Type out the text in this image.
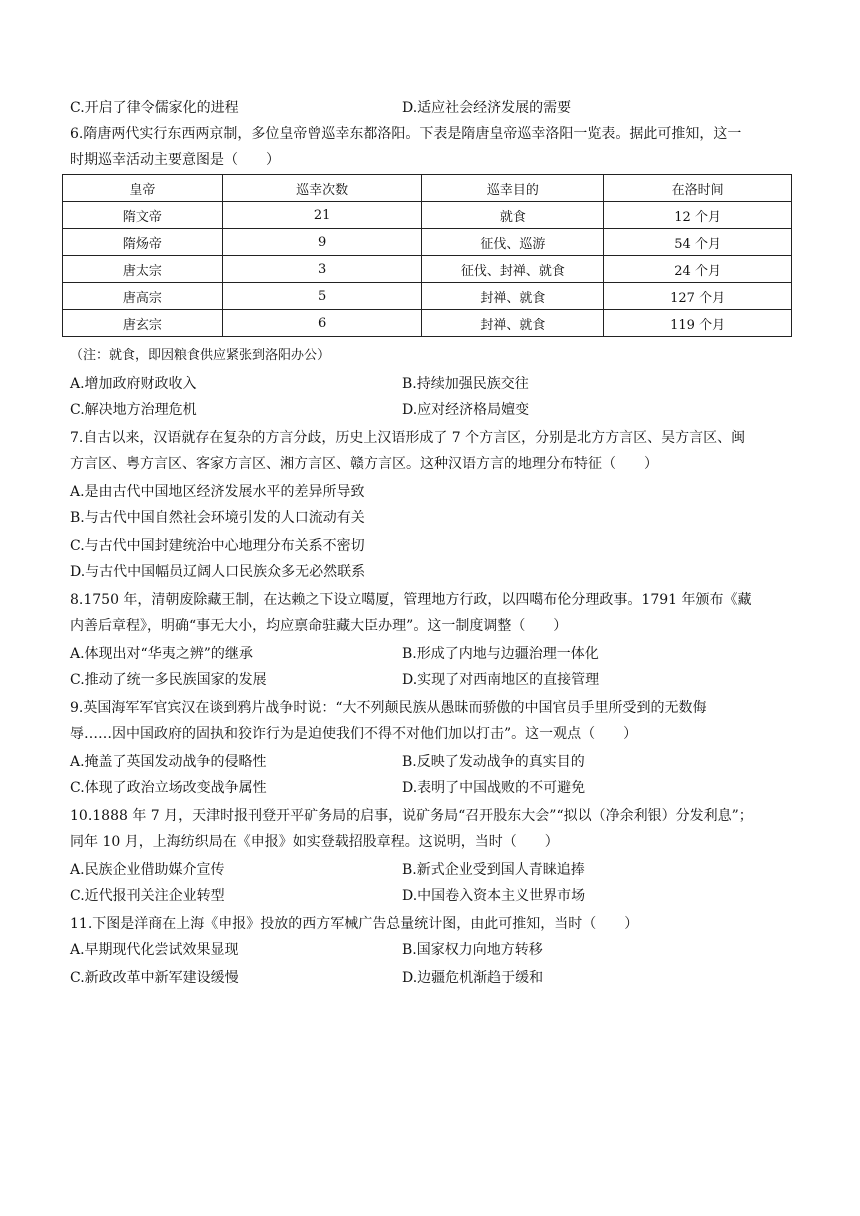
C.开启了律令儒家化的进程	D.适应社会经济发展的需要
6.隋唐两代实行东西两京制，多位皇帝曾巡幸东都洛阳。下表是隋唐皇帝巡幸洛阳一览表。据此可推知，这一
时期巡幸活动主要意图是（　　）
皇帝	巡幸次数	巡幸目的	在洛时间
隋文帝	21	就食	12 个月
隋炀帝	9	征伐、巡游	54 个月
唐太宗	3	征伐、封禅、就食	24 个月
唐高宗	5	封禅、就食	127 个月
唐玄宗	6	封禅、就食	119 个月
（注：就食，即因粮食供应紧张到洛阳办公）
A.增加政府财政收入	B.持续加强民族交往
C.解决地方治理危机	D.应对经济格局嬗变
7.自古以来，汉语就存在复杂的方言分歧，历史上汉语形成了 7 个方言区，分别是北方方言区、吴方言区、闽
方言区、粤方言区、客家方言区、湘方言区、赣方言区。这种汉语方言的地理分布特征（　　）
A.是由古代中国地区经济发展水平的差异所导致
B.与古代中国自然社会环境引发的人口流动有关
C.与古代中国封建统治中心地理分布关系不密切
D.与古代中国幅员辽阔人口民族众多无必然联系
8.1750 年，清朝废除藏王制，在达赖之下设立噶厦，管理地方行政，以四噶布伦分理政事。1791 年颁布《藏
内善后章程》，明确“事无大小，均应禀命驻藏大臣办理”。这一制度调整（　　）
A.体现出对“华夷之辨”的继承	B.形成了内地与边疆治理一体化
C.推动了统一多民族国家的发展	D.实现了对西南地区的直接管理
9.英国海军军官宾汉在谈到鸦片战争时说：“大不列颠民族从愚昧而骄傲的中国官员手里所受到的无数侮
辱……因中国政府的固执和狡诈行为是迫使我们不得不对他们加以打击”。这一观点（　　）
A.掩盖了英国发动战争的侵略性	B.反映了发动战争的真实目的
C.体现了政治立场改变战争属性	D.表明了中国战败的不可避免
10.1888 年 7 月，天津时报刊登开平矿务局的启事，说矿务局“召开股东大会”“拟以（净余利银）分发利息”；
同年 10 月，上海纺织局在《申报》如实登载招股章程。这说明，当时（　　）
A.民族企业借助媒介宣传	B.新式企业受到国人青睐追捧
C.近代报刊关注企业转型	D.中国卷入资本主义世界市场
11.下图是洋商在上海《申报》投放的西方军械广告总量统计图，由此可推知，当时（　　）
A.早期现代化尝试效果显现	B.国家权力向地方转移
C.新政改革中新军建设缓慢	D.边疆危机渐趋于缓和
